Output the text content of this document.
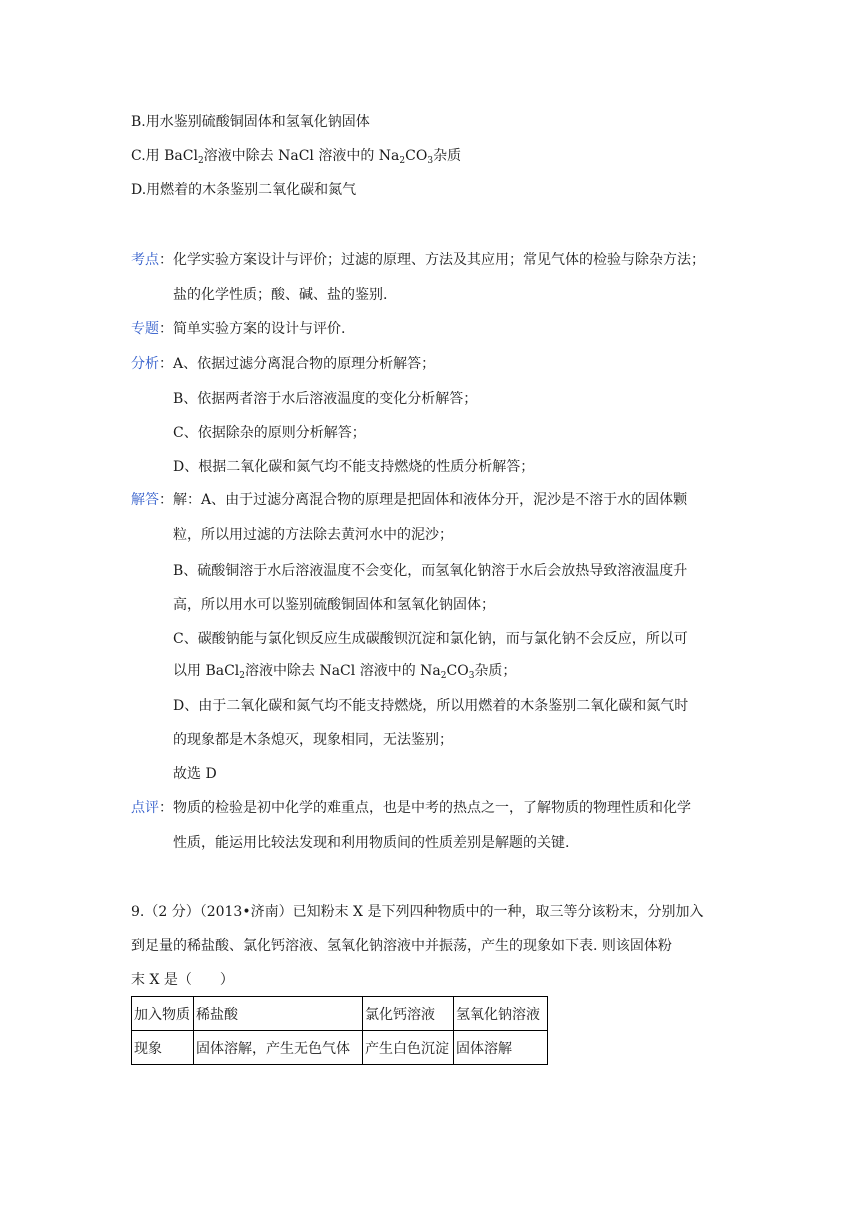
B.用水鉴别硫酸铜固体和氢氧化钠固体
C.用 BaCl$_2$溶液中除去 NaCl 溶液中的 $Na_2CO_3$杂质
D.用燃着的木条鉴别二氧化碳和氮气
考点：化学实验方案设计与评价；过滤的原理、方法及其应用；常见气体的检验与除杂方法；
盐的化学性质；酸、碱、盐的鉴别.
专题：简单实验方案的设计与评价.
分析：A、依据过滤分离混合物的原理分析解答；
B、依据两者溶于水后溶液温度的变化分析解答；
C、依据除杂的原则分析解答；
D、根据二氧化碳和氮气均不能支持燃烧的性质分析解答；
解答：解：A、由于过滤分离混合物的原理是把固体和液体分开，泥沙是不溶于水的固体颗
粒，所以用过滤的方法除去黄河水中的泥沙；
B、硫酸铜溶于水后溶液温度不会变化，而氢氧化钠溶于水后会放热导致溶液温度升
高，所以用水可以鉴别硫酸铜固体和氢氧化钠固体；
C、碳酸钠能与氯化钡反应生成碳酸钡沉淀和氯化钠，而与氯化钠不会反应，所以可
以用 BaCl$_2$溶液中除去 NaCl 溶液中的 $Na_2CO_3$杂质；
D、由于二氧化碳和氮气均不能支持燃烧，所以用燃着的木条鉴别二氧化碳和氮气时
的现象都是木条熄灭，现象相同，无法鉴别；
故选 D
点评：物质的检验是初中化学的难重点，也是中考的热点之一，了解物质的物理性质和化学
性质，能运用比较法发现和利用物质间的性质差别是解题的关键.
9.（2 分）（2013•济南）已知粉末 X 是下列四种物质中的一种，取三等分该粉末，分别加入
到足量的稀盐酸、氯化钙溶液、氢氧化钠溶液中并振荡，产生的现象如下表. 则该固体粉
末 X 是（　　）
加入物质	稀盐酸	氯化钙溶液	氢氧化钠溶液
现象	固体溶解，产生无色气体	产生白色沉淀	固体溶解
